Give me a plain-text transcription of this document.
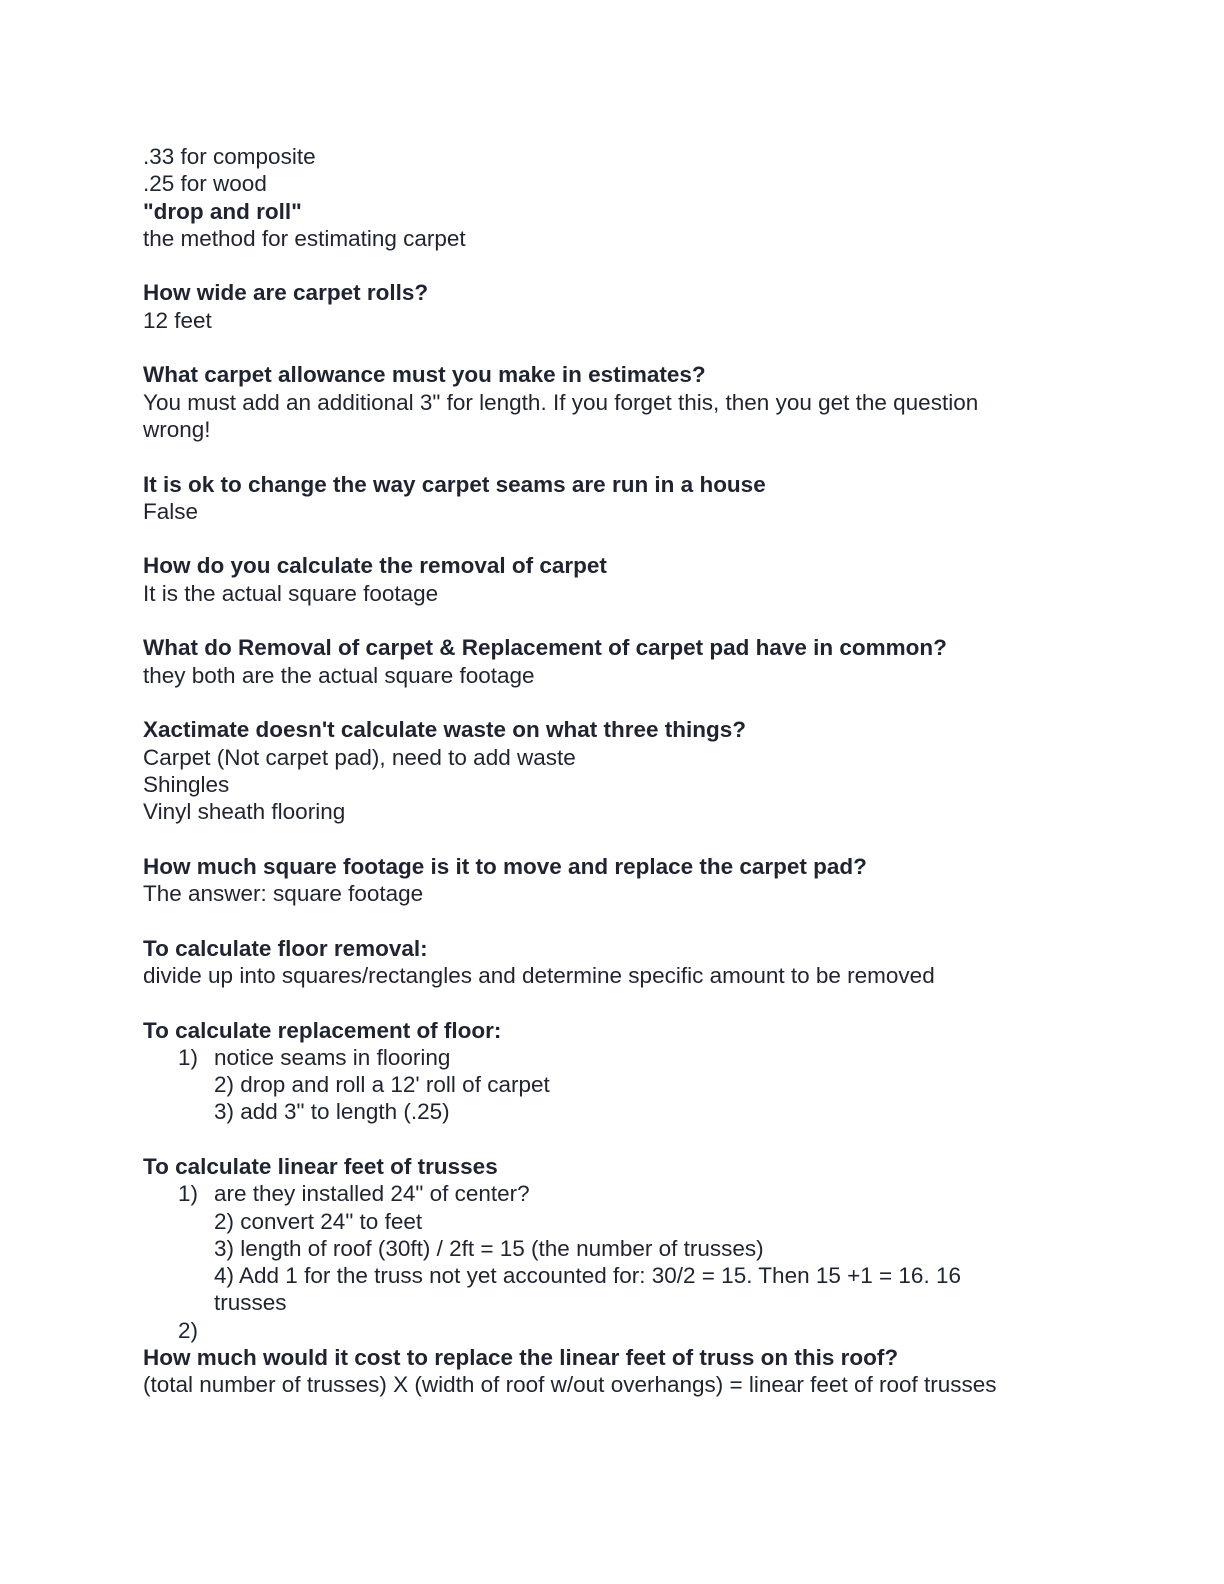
.33 for composite
.25 for wood
"drop and roll"
the method for estimating carpet
How wide are carpet rolls?
12 feet
What carpet allowance must you make in estimates?
You must add an additional 3" for length. If you forget this, then you get the question wrong!
It is ok to change the way carpet seams are run in a house
False
How do you calculate the removal of carpet
It is the actual square footage
What do Removal of carpet & Replacement of carpet pad have in common?
they both are the actual square footage
Xactimate doesn't calculate waste on what three things?
Carpet (Not carpet pad), need to add waste
Shingles
Vinyl sheath flooring
How much square footage is it to move and replace the carpet pad?
The answer: square footage
To calculate floor removal:
divide up into squares/rectangles and determine specific amount to be removed
To calculate replacement of floor:
1) notice seams in flooring
2) drop and roll a 12' roll of carpet
3) add 3" to length (.25)
To calculate linear feet of trusses
1) are they installed 24" of center?
2) convert 24" to feet
3) length of roof (30ft) / 2ft = 15 (the number of trusses)
4) Add 1 for the truss not yet accounted for: 30/2 = 15. Then 15 +1 = 16. 16 trusses
2)
How much would it cost to replace the linear feet of truss on this roof?
(total number of trusses) X (width of roof w/out overhangs) = linear feet of roof trusses
